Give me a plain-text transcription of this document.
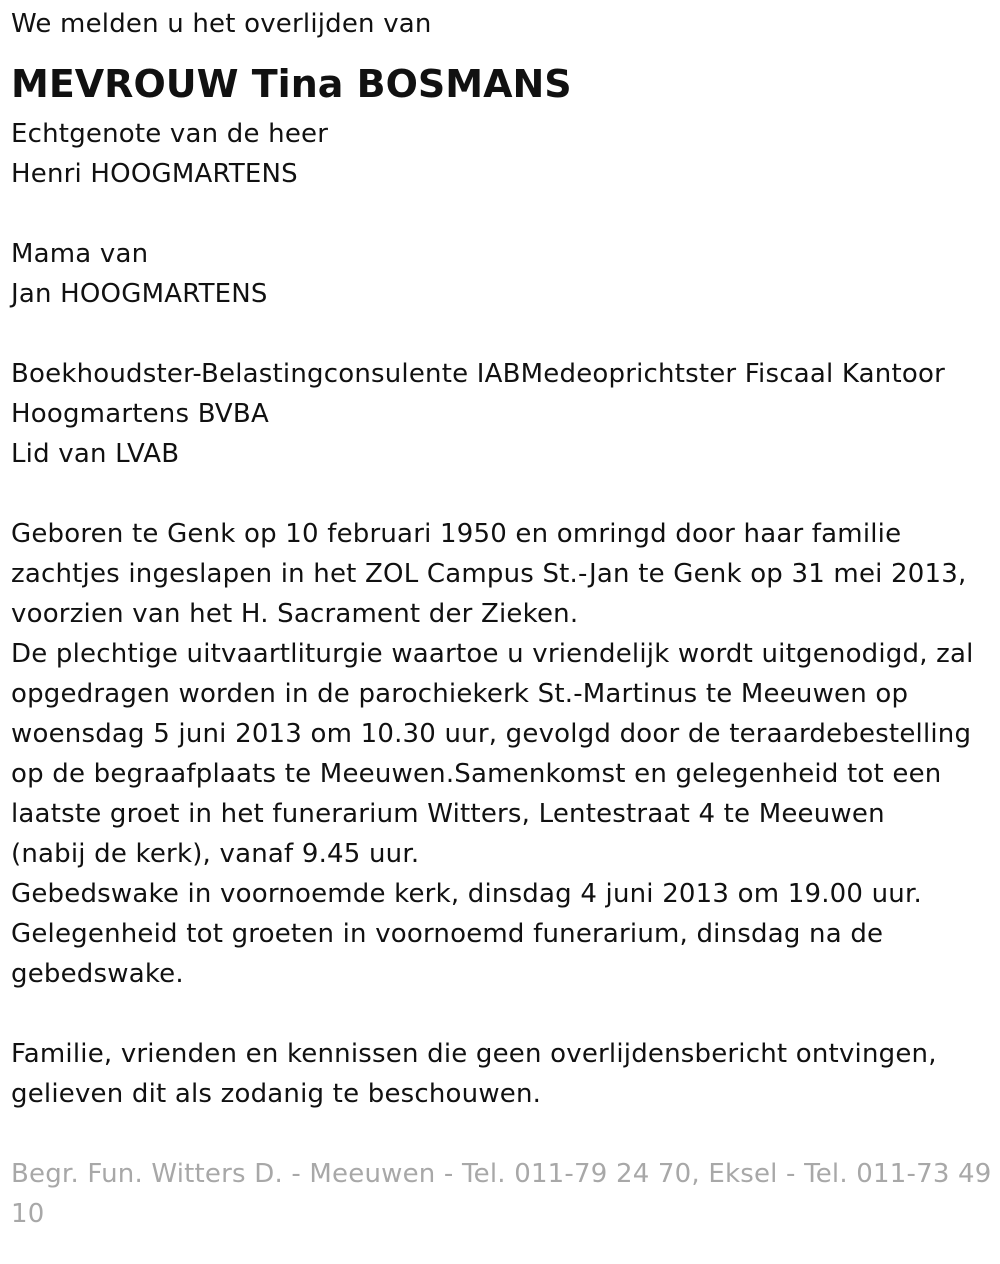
We melden u het overlijden van
MEVROUW Tina BOSMANS
Echtgenote van de heer
Henri HOOGMARTENS
Mama van
Jan HOOGMARTENS
Boekhoudster-Belastingconsulente IABMedeoprichtster Fiscaal Kantoor
Hoogmartens BVBA
Lid van LVAB
Geboren te Genk op 10 februari 1950 en omringd door haar familie
zachtjes ingeslapen in het ZOL Campus St.-Jan te Genk op 31 mei 2013,
voorzien van het H. Sacrament der Zieken.
De plechtige uitvaartliturgie waartoe u vriendelijk wordt uitgenodigd, zal
opgedragen worden in de parochiekerk St.-Martinus te Meeuwen op
woensdag 5 juni 2013 om 10.30 uur, gevolgd door de teraardebestelling
op de begraafplaats te Meeuwen.Samenkomst en gelegenheid tot een
laatste groet in het funerarium Witters, Lentestraat 4 te Meeuwen
(nabij de kerk), vanaf 9.45 uur.
Gebedswake in voornoemde kerk, dinsdag 4 juni 2013 om 19.00 uur.
Gelegenheid tot groeten in voornoemd funerarium, dinsdag na de
gebedswake.
Familie, vrienden en kennissen die geen overlijdensbericht ontvingen,
gelieven dit als zodanig te beschouwen.
Begr. Fun. Witters D. - Meeuwen - Tel. 011-79 24 70, Eksel - Tel. 011-73 49
10
